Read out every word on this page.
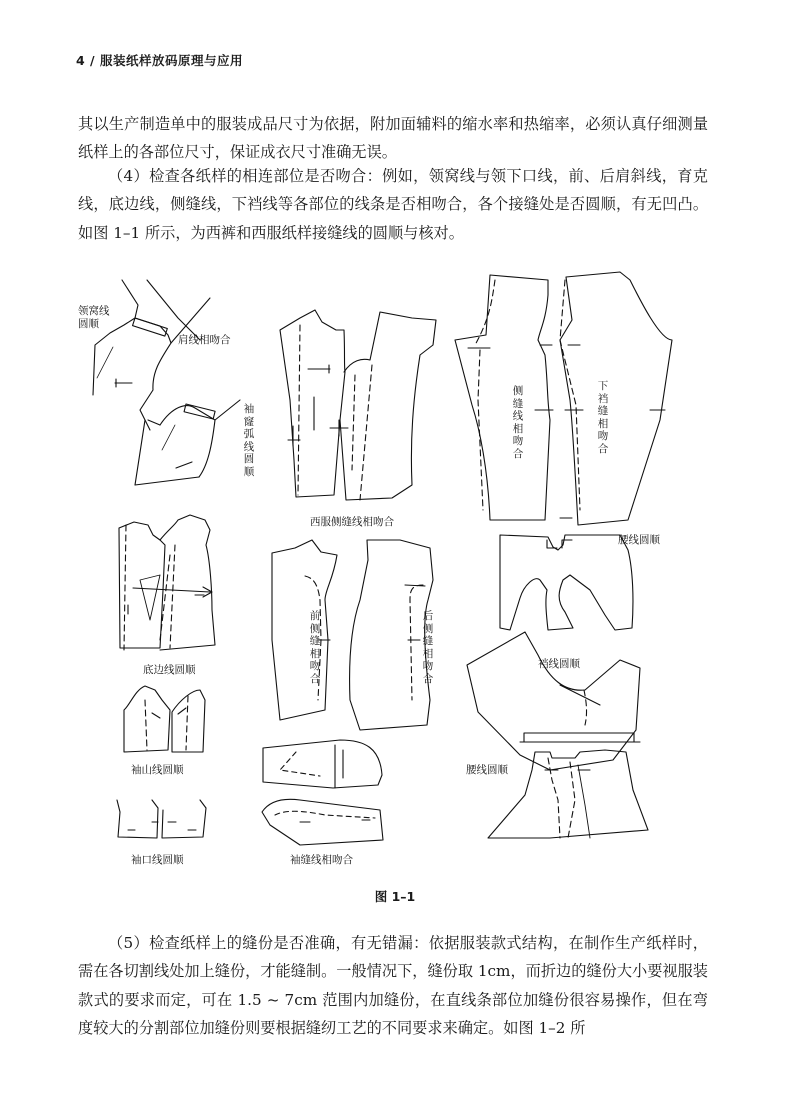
4 / 服装纸样放码原理与应用

其以生产制造单中的服装成品尺寸为依据，附加面辅料的缩水率和热缩率，必须认真仔细测量纸样上的各部位尺寸，保证成衣尺寸准确无误。

（4）检查各纸样的相连部位是否吻合：例如，领窝线与领下口线，前、后肩斜线，育克线，底边线，侧缝线，下裆线等各部位的线条是否相吻合，各个接缝处是否圆顺，有无凹凸。如图 1–1 所示，为西裤和西服纸样接缝线的圆顺与核对。

领窝线
圆顺
肩线相吻合
袖窿弧线圆顺
西服侧缝线相吻合
侧缝线相吻合
下裆缝相吻合
腰线圆顺
底边线圆顺
前侧缝相吻合
后侧缝相吻合
裆线圆顺
袖山线圆顺	腰线圆顺
袖口线圆顺	袖缝线相吻合
图 1–1

（5）检查纸样上的缝份是否准确，有无错漏：依据服装款式结构，在制作生产纸样时，需在各切割线处加上缝份，才能缝制。一般情况下，缝份取 1cm，而折边的缝份大小要视服装款式的要求而定，可在 1.5 ~ 7cm 范围内加缝份，在直线条部位加缝份很容易操作，但在弯度较大的分割部位加缝份则要根据缝纫工艺的不同要求来确定。如图 1–2 所
